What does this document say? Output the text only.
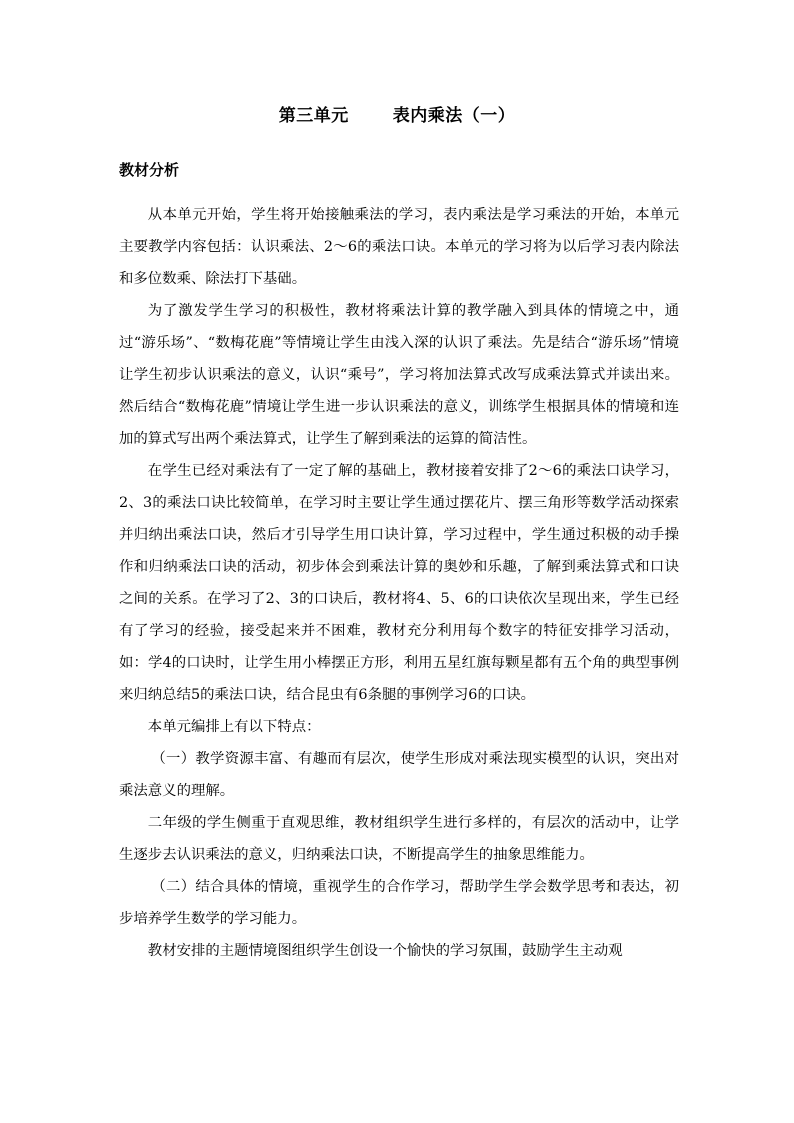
第三单元	表内乘法（一）
教材分析

从本单元开始，学生将开始接触乘法的学习，表内乘法是学习乘法的开始，本单元主要教学内容包括：认识乘法、2～6的乘法口诀。本单元的学习将为以后学习表内除法和多位数乘、除法打下基础。

为了激发学生学习的积极性，教材将乘法计算的教学融入到具体的情境之中，通过“游乐场”、“数梅花鹿”等情境让学生由浅入深的认识了乘法。先是结合“游乐场”情境让学生初步认识乘法的意义，认识“乘号”，学习将加法算式改写成乘法算式并读出来。然后结合“数梅花鹿”情境让学生进一步认识乘法的意义，训练学生根据具体的情境和连加的算式写出两个乘法算式，让学生了解到乘法的运算的简洁性。

在学生已经对乘法有了一定了解的基础上，教材接着安排了2～6的乘法口诀学习，2、3的乘法口诀比较简单，在学习时主要让学生通过摆花片、摆三角形等数学活动探索并归纳出乘法口诀，然后才引导学生用口诀计算，学习过程中，学生通过积极的动手操作和归纳乘法口诀的活动，初步体会到乘法计算的奥妙和乐趣，了解到乘法算式和口诀之间的关系。在学习了2、3的口诀后，教材将4、5、6的口诀依次呈现出来，学生已经有了学习的经验，接受起来并不困难，教材充分利用每个数字的特征安排学习活动，如：学4的口诀时，让学生用小棒摆正方形，利用五星红旗每颗星都有五个角的典型事例来归纳总结5的乘法口诀，结合昆虫有6条腿的事例学习6的口诀。

本单元编排上有以下特点：

（一）教学资源丰富、有趣而有层次，使学生形成对乘法现实模型的认识，突出对乘法意义的理解。

二年级的学生侧重于直观思维，教材组织学生进行多样的，有层次的活动中，让学生逐步去认识乘法的意义，归纳乘法口诀，不断提高学生的抽象思维能力。

（二）结合具体的情境，重视学生的合作学习，帮助学生学会数学思考和表达，初步培养学生数学的学习能力。

教材安排的主题情境图组织学生创设一个愉快的学习氛围，鼓励学生主动观
